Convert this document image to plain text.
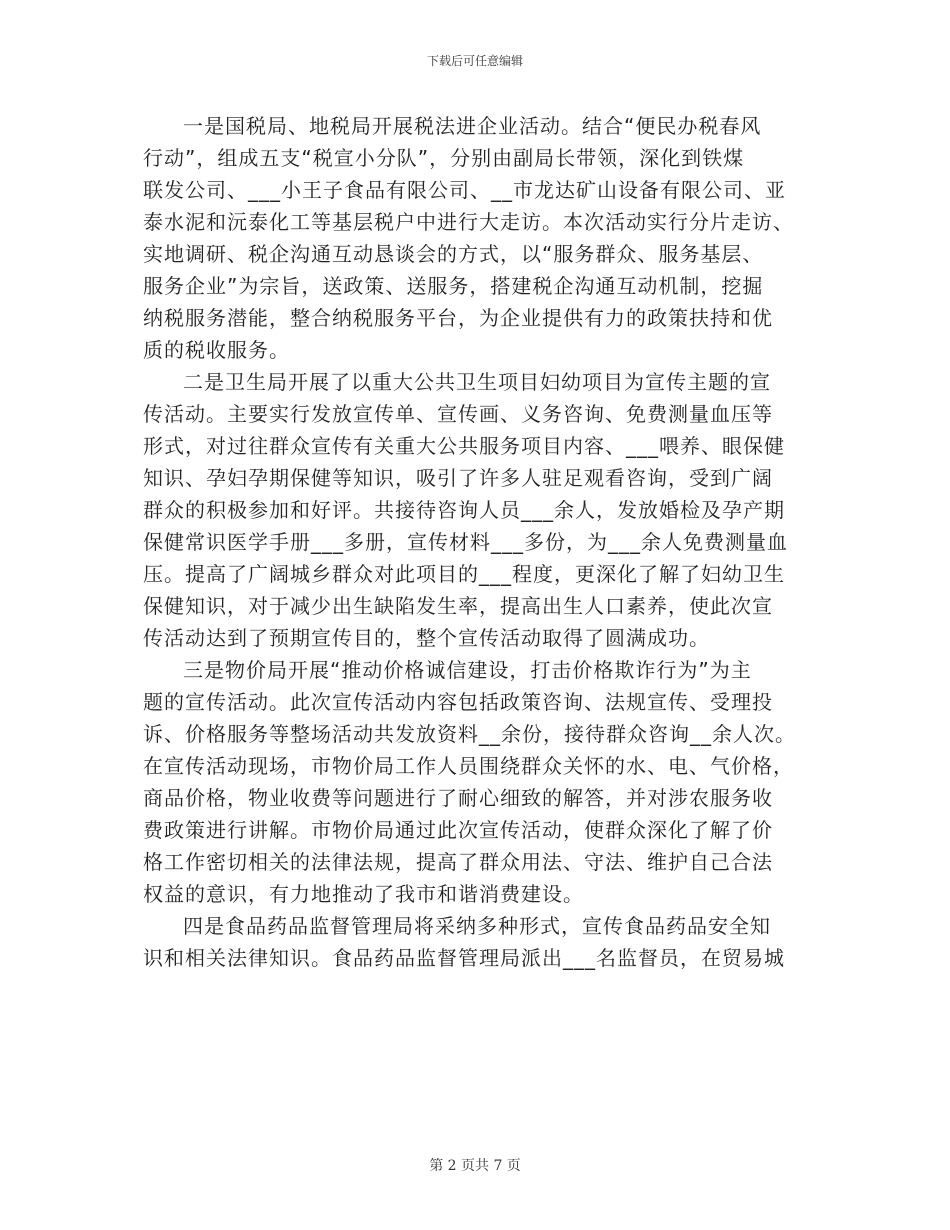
下载后可任意编辑
一是国税局、地税局开展税法进企业活动。结合“便民办税春风
行动”，组成五支“税宣小分队”，分别由副局长带领，深化到铁煤
联发公司、___小王子食品有限公司、__市龙达矿山设备有限公司、亚
泰水泥和沅泰化工等基层税户中进行大走访。本次活动实行分片走访、
实地调研、税企沟通互动恳谈会的方式，以“服务群众、服务基层、
服务企业”为宗旨，送政策、送服务，搭建税企沟通互动机制，挖掘
纳税服务潜能，整合纳税服务平台，为企业提供有力的政策扶持和优
质的税收服务。
二是卫生局开展了以重大公共卫生项目妇幼项目为宣传主题的宣
传活动。主要实行发放宣传单、宣传画、义务咨询、免费测量血压等
形式，对过往群众宣传有关重大公共服务项目内容、___喂养、眼保健
知识、孕妇孕期保健等知识，吸引了许多人驻足观看咨询，受到广阔
群众的积极参加和好评。共接待咨询人员___余人，发放婚检及孕产期
保健常识医学手册___多册，宣传材料___多份，为___余人免费测量血
压。提高了广阔城乡群众对此项目的___程度，更深化了解了妇幼卫生
保健知识，对于减少出生缺陷发生率，提高出生人口素养，使此次宣
传活动达到了预期宣传目的，整个宣传活动取得了圆满成功。
三是物价局开展“推动价格诚信建设，打击价格欺诈行为”为主
题的宣传活动。此次宣传活动内容包括政策咨询、法规宣传、受理投
诉、价格服务等整场活动共发放资料__余份，接待群众咨询__余人次。
在宣传活动现场，市物价局工作人员围绕群众关怀的水、电、气价格，
商品价格，物业收费等问题进行了耐心细致的解答，并对涉农服务收
费政策进行讲解。市物价局通过此次宣传活动，使群众深化了解了价
格工作密切相关的法律法规，提高了群众用法、守法、维护自己合法
权益的意识，有力地推动了我市和谐消费建设。
四是食品药品监督管理局将采纳多种形式，宣传食品药品安全知
识和相关法律知识。食品药品监督管理局派出___名监督员，在贸易城
第 2 页共 7 页
